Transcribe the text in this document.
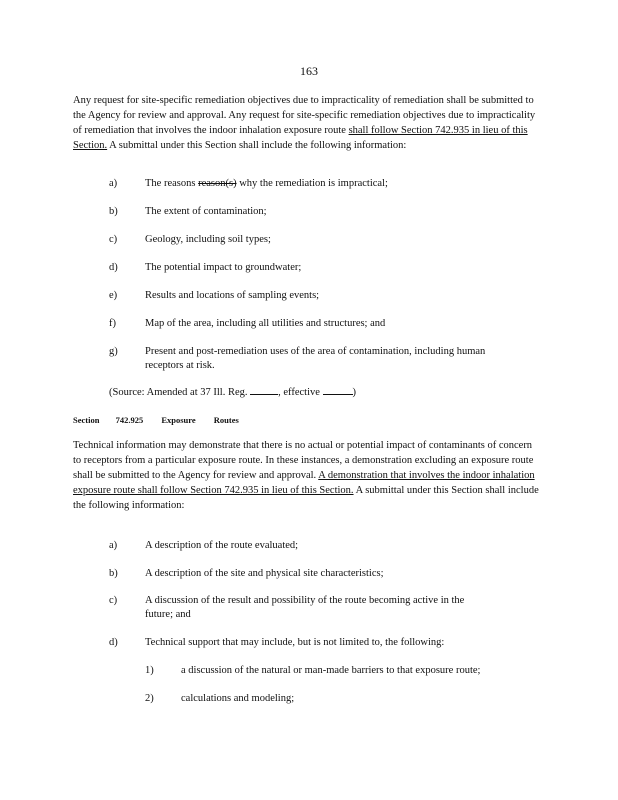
163

Any request for site-specific remediation objectives due to impracticality of remediation shall be submitted to the Agency for review and approval. Any request for site-specific remediation objectives due to impracticality of remediation that involves the indoor inhalation exposure route shall follow Section 742.935 in lieu of this Section. A submittal under this Section shall include the following information:

a)	The reasons reason(s) why the remediation is impractical;
b)	The extent of contamination;
c)	Geology, including soil types;
d)	The potential impact to groundwater;
e)	Results and locations of sampling events;
f)	Map of the area, including all utilities and structures; and
g)	Present and post-remediation uses of the area of contamination, including human
receptors at risk.
(Source: Amended at 37 Ill. Reg.	, effective	)
Section 742.925 Exposure Routes

Technical information may demonstrate that there is no actual or potential impact of contaminants of concern to receptors from a particular exposure route. In these instances, a demonstration excluding an exposure route shall be submitted to the Agency for review and approval. A demonstration that involves the indoor inhalation exposure route shall follow Section 742.935 in lieu of this Section. A submittal under this Section shall include the following information:

a)	A description of the route evaluated;
b)	A description of the site and physical site characteristics;
c)	A discussion of the result and possibility of the route becoming active in the
future; and
d)	Technical support that may include, but is not limited to, the following:
1)	a discussion of the natural or man-made barriers to that exposure route;
2)	calculations and modeling;
